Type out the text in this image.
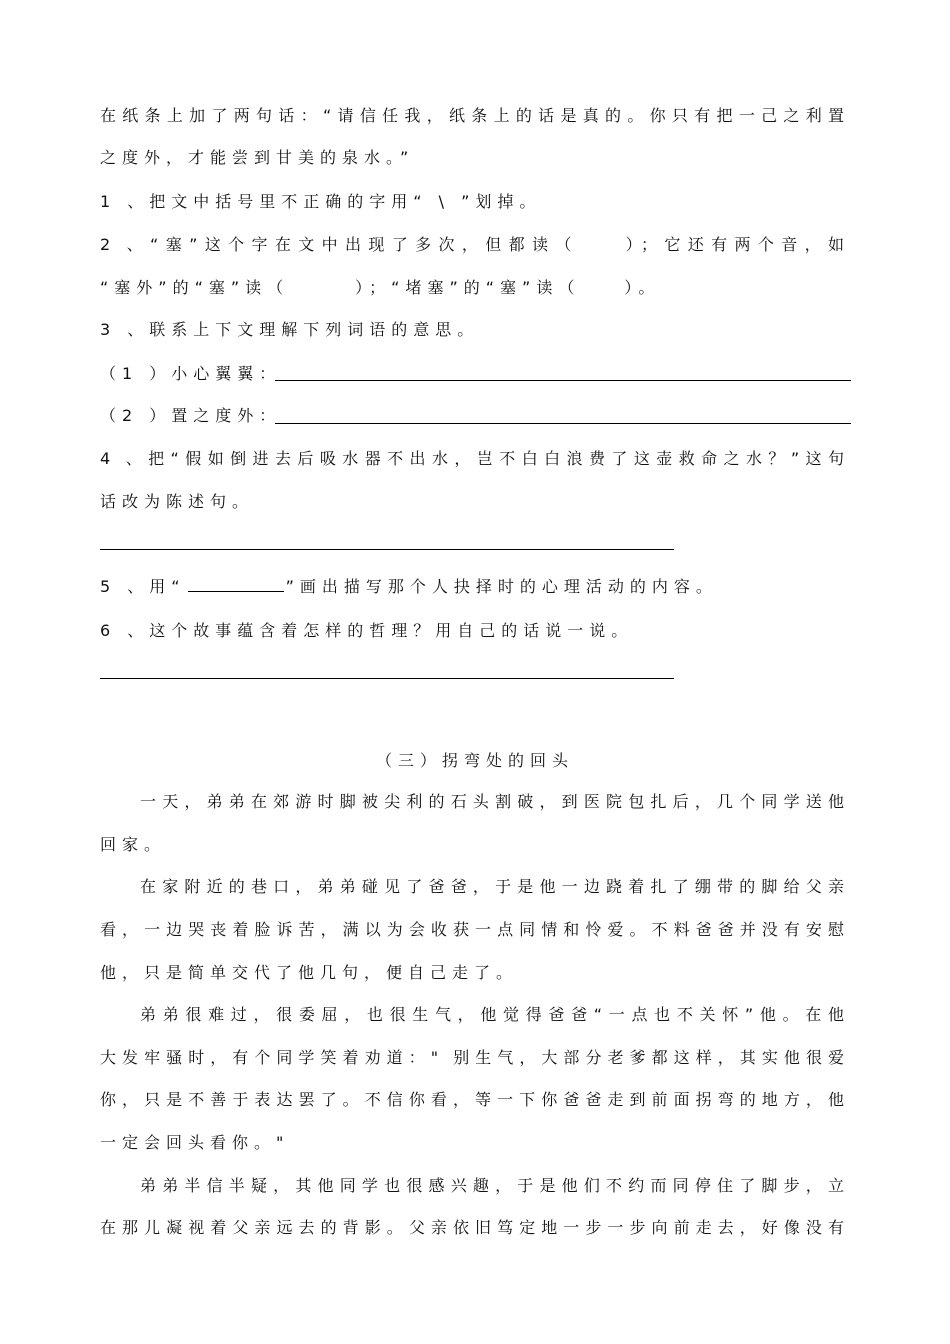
在纸条上加了两句话：“请信任我，纸条上的话是真的。你只有把一己之利置
之度外，才能尝到甘美的泉水。”
1 、把文中括号里不正确的字用“ \ ”划掉。
2 、“塞”这个字在文中出现了多次，但都读（　　）；它还有两个音，如
“塞外”的“塞”读（　　　）；“堵塞”的“塞”读（　　）。
3 、联系上下文理解下列词语的意思。
（1 ）小心翼翼：
（2 ）置之度外：
4 、把“假如倒进去后吸水器不出水，岂不白白浪费了这壶救命之水？”这句
话改为陈述句。
5 、用“	”画出描写那个人抉择时的心理活动的内容。
6 、这个故事蕴含着怎样的哲理？用自己的话说一说。
（三）拐弯处的回头
一天，弟弟在郊游时脚被尖利的石头割破，到医院包扎后，几个同学送他
回家。
在家附近的巷口，弟弟碰见了爸爸，于是他一边跷着扎了绷带的脚给父亲
看，一边哭丧着脸诉苦，满以为会收获一点同情和怜爱。不料爸爸并没有安慰
他，只是简单交代了他几句，便自己走了。
弟弟很难过，很委屈，也很生气，他觉得爸爸“一点也不关怀”他。在他
大发牢骚时，有个同学笑着劝道：" 别生气，大部分老爹都这样，其实他很爱
你，只是不善于表达罢了。不信你看，等一下你爸爸走到前面拐弯的地方，他
一定会回头看你。"
弟弟半信半疑，其他同学也很感兴趣，于是他们不约而同停住了脚步，立
在那儿凝视着父亲远去的背影。父亲依旧笃定地一步一步向前走去，好像没有
